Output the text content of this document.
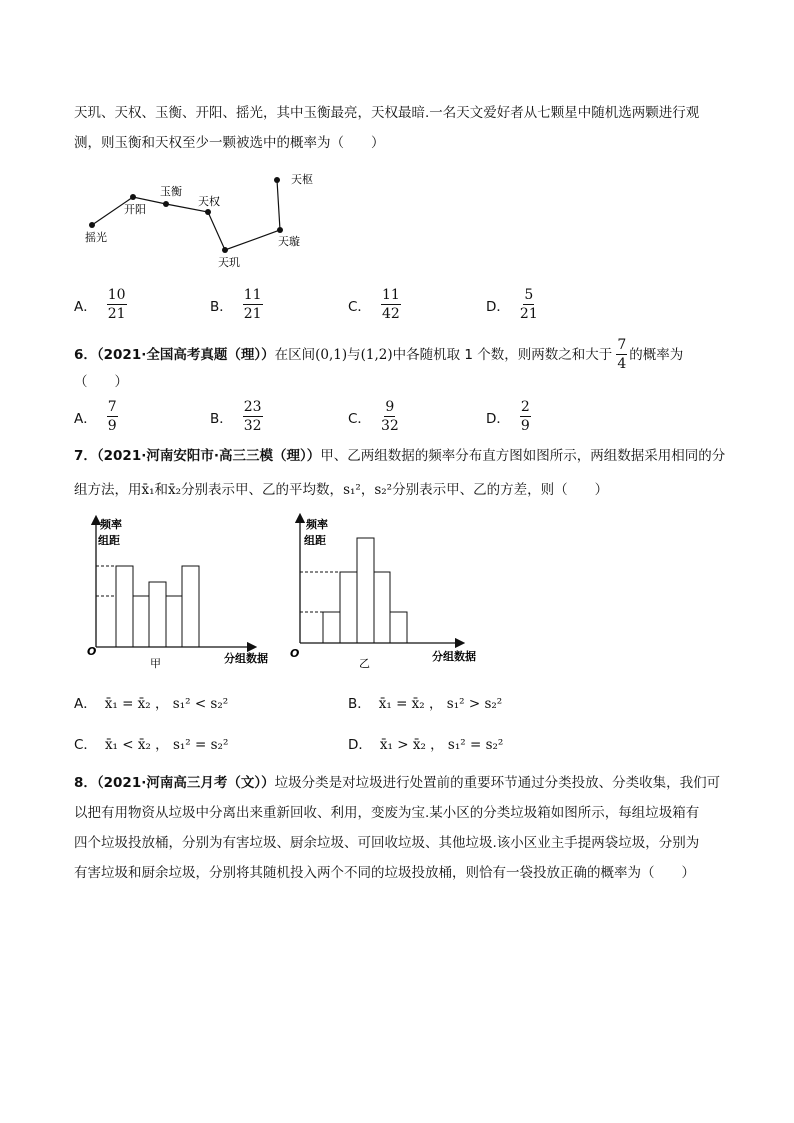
天玑、天权、玉衡、开阳、摇光，其中玉衡最亮，天权最暗.一名天文爱好者从七颗星中随机选两颗进行观
测，则玉衡和天权至少一颗被选中的概率为（　　）
天枢
开阳
玉衡
天权
摇光	天璇
天玑
A． $\frac{10}{21}$	B． $\frac{11}{21}$	C． $\frac{11}{42}$	D． $\frac{5}{21}$
6．（2021·全国高考真题（理）） 在区间 (0,1) 与 (1,2) 中各随机取 1 个数，则两数之和大于 $\frac{7}{4}$ 的概率为
（　　）
A． $\frac{7}{9}$	B． $\frac{23}{32}$	C． $\frac{9}{32}$	D． $\frac{2}{9}$
7．（2021·河南安阳市·高三三模（理））甲、乙两组数据的频率分布直方图如图所示，两组数据采用相同的分
组方法，用x̄₁和x̄₂分别表示甲、乙的平均数，s₁²，s₂²分别表示甲、乙的方差，则（　　）
频率
组距
O
甲	分组数据
频率
组距
O
乙
分组数据
A． x̄₁ = x̄₂ ， s₁² < s₂²	B． x̄₁ = x̄₂ ， s₁² > s₂²
C． x̄₁ < x̄₂ ， s₁² = s₂²	D． x̄₁ > x̄₂ ， s₁² = s₂²
8．（2021·河南高三月考（文））垃圾分类是对垃圾进行处置前的重要环节通过分类投放、分类收集，我们可
以把有用物资从垃圾中分离出来重新回收、利用，变废为宝.某小区的分类垃圾箱如图所示，每组垃圾箱有
四个垃圾投放桶，分别为有害垃圾、厨余垃圾、可回收垃圾、其他垃圾.该小区业主手提两袋垃圾，分别为
有害垃圾和厨余垃圾，分别将其随机投入两个不同的垃圾投放桶，则恰有一袋投放正确的概率为（　　）
